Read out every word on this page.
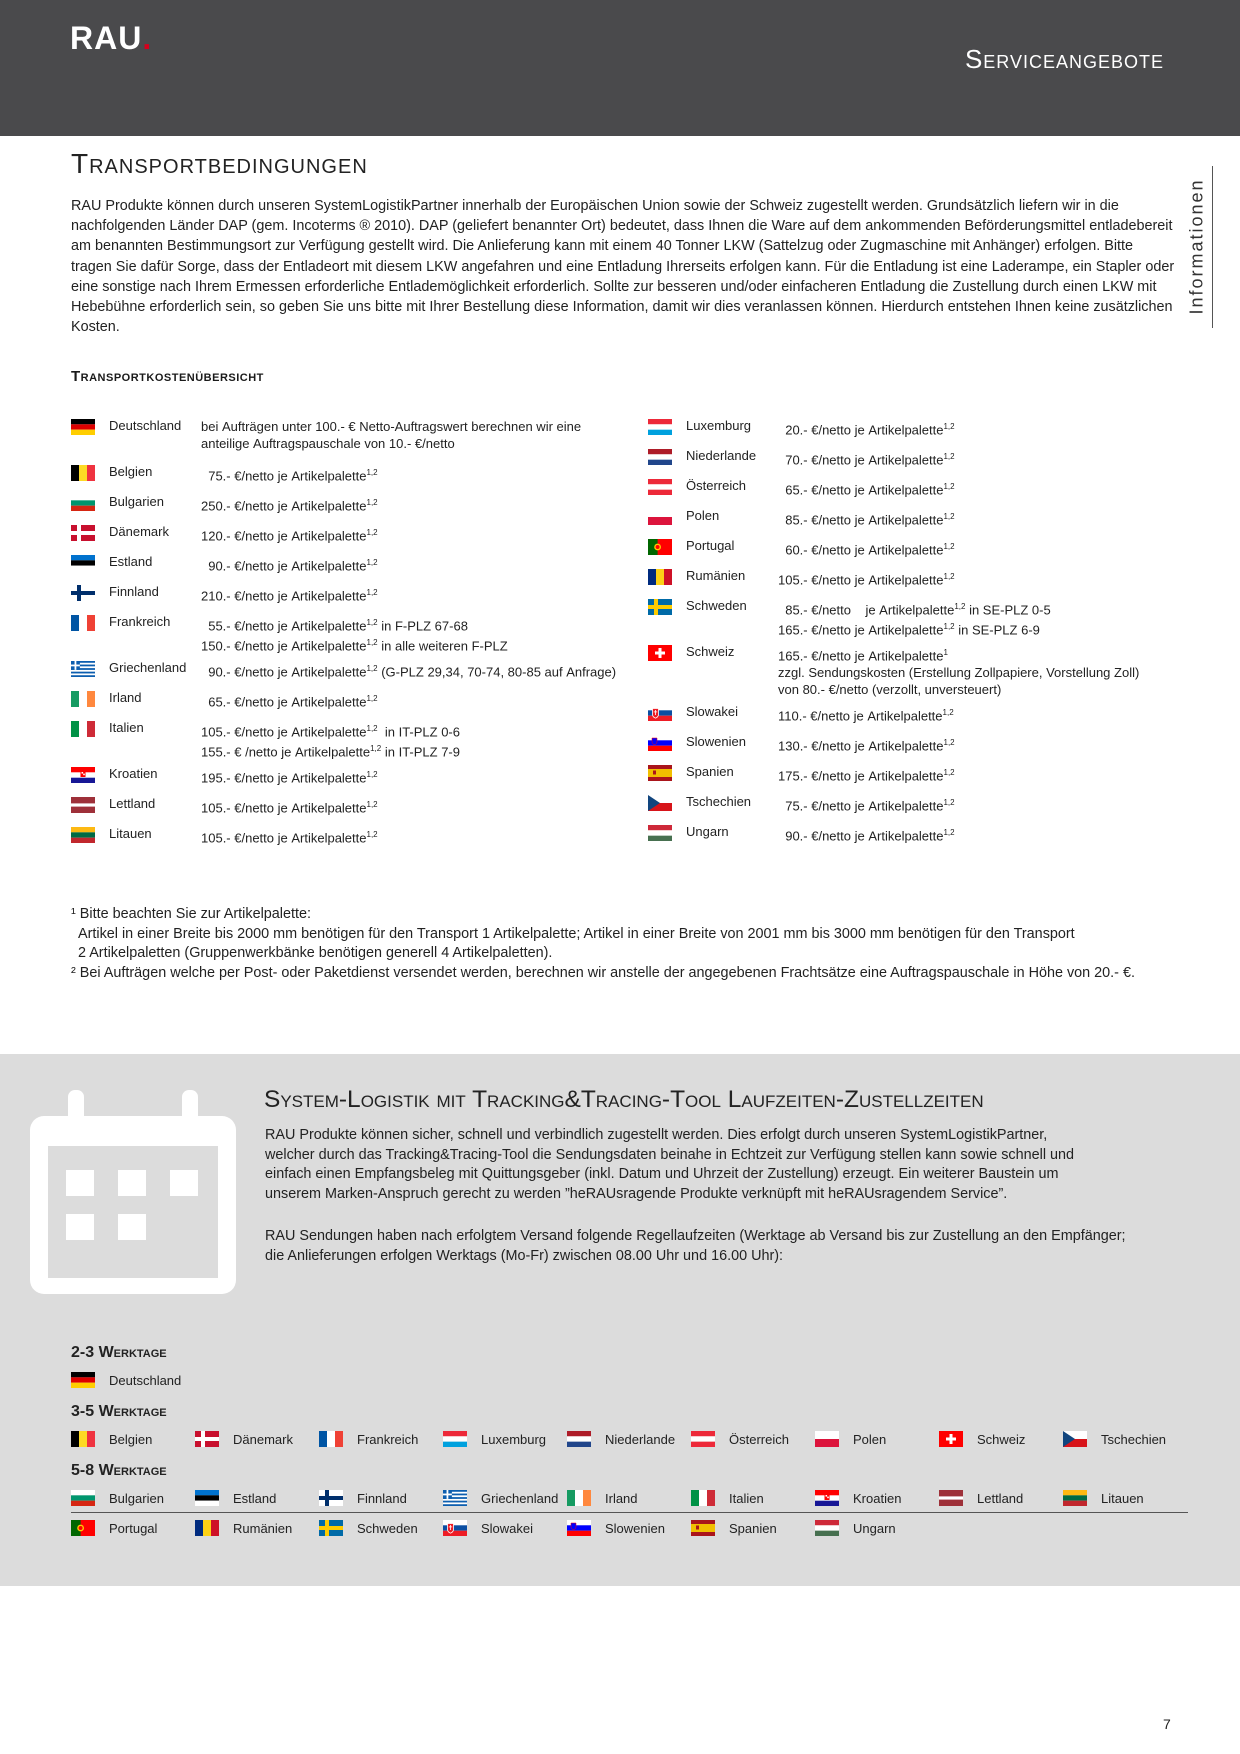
RAU.
Serviceangebote
Informationen
Transportbedingungen

RAU Produkte können durch unseren SystemLogistikPartner innerhalb der Europäischen Union sowie der Schweiz zugestellt werden. Grundsätzlich liefern wir in die nachfolgenden Länder DAP (gem. Incoterms ® 2010). DAP (geliefert benannter Ort) bedeutet, dass Ihnen die Ware auf dem ankommenden Beförderungsmittel entladebereit am benannten Bestimmungsort zur Verfügung gestellt wird. Die Anlieferung kann mit einem 40 Tonner LKW (Sattelzug oder Zugmaschine mit Anhänger) erfolgen. Bitte tragen Sie dafür Sorge, dass der Entladeort mit diesem LKW angefahren und eine Entladung Ihrerseits erfolgen kann. Für die Entladung ist eine Laderampe, ein Stapler oder eine sonstige nach Ihrem Ermessen erforderliche Entlademöglichkeit erforderlich. Sollte zur besseren und/oder einfacheren Entladung die Zustellung durch einen LKW mit Hebebühne erforderlich sein, so geben Sie uns bitte mit Ihrer Bestellung diese Information, damit wir dies veranlassen können. Hierdurch entstehen Ihnen keine zusätzlichen Kosten.

Transportkostenübersicht
Deutschland bei Aufträgen unter 100.- € Netto-Auftragswert berechnen wir eine
anteilige Auftragspauschale von 10.- €/netto
Belgien	75.- €/netto je Artikelpalette$^{1,2}$
Bulgarien	250.- €/netto je Artikelpalette$^{1,2}$
Dänemark 120.- €/netto je Artikelpalette$^{1,2}$
Estland	90.- €/netto je Artikelpalette$^{1,2}$
Finnland	210.- €/netto je Artikelpalette$^{1,2}$
Frankreich 55.- €/netto je Artikelpalette$^{1,2}$ in F-PLZ 67-68
150.- €/netto je Artikelpalette$^{1,2}$ in alle weiteren F-PLZ
Griechenland 90.- €/netto je Artikelpalette$^{1,2}$ (G-PLZ 29,34, 70-74, 80-85 auf Anfrage)
Irland	65.- €/netto je Artikelpalette$^{1,2}$
Italien	105.- €/netto je Artikelpalette$^{1,2}$  in IT-PLZ 0-6
155.- € /netto je Artikelpalette$^{1,2}$ in IT-PLZ 7-9
Kroatien	195.- €/netto je Artikelpalette$^{1,2}$
Lettland	105.- €/netto je Artikelpalette$^{1,2}$
Litauen	105.- €/netto je Artikelpalette$^{1,2}$
Luxemburg 20.- €/netto je Artikelpalette$^{1,2}$
Niederlande 70.- €/netto je Artikelpalette$^{1,2}$
Österreich 65.- €/netto je Artikelpalette$^{1,2}$
Polen	85.- €/netto je Artikelpalette$^{1,2}$
Portugal	60.- €/netto je Artikelpalette$^{1,2}$
Rumänien	105.- €/netto je Artikelpalette$^{1,2}$
Schweden 85.- €/netto    je Artikelpalette$^{1,2}$ in SE-PLZ 0-5
165.- €/netto je Artikelpalette$^{1,2}$ in SE-PLZ 6-9
Schweiz	165.- €/netto je Artikelpalette$^1$
zzgl. Sendungskosten (Erstellung Zollpapiere, Vorstellung Zoll)
von 80.- €/netto (verzollt, unversteuert)
Slowakei	110.- €/netto je Artikelpalette$^{1,2}$
Slowenien 130.- €/netto je Artikelpalette$^{1,2}$
Spanien	175.- €/netto je Artikelpalette$^{1,2}$
Tschechien 75.- €/netto je Artikelpalette$^{1,2}$
Ungarn	90.- €/netto je Artikelpalette$^{1,2}$

¹ Bitte beachten Sie zur Artikelpalette:

Artikel in einer Breite bis 2000 mm benötigen für den Transport 1 Artikelpalette; Artikel in einer Breite von 2001 mm bis 3000 mm benötigen für den Transport

2 Artikelpaletten (Gruppenwerkbänke benötigen generell 4 Artikelpaletten).

² Bei Aufträgen welche per Post- oder Paketdienst versendet werden, berechnen wir anstelle der angegebenen Frachtsätze eine Auftragspauschale in Höhe von 20.- €.

System-Logistik mit Tracking&Tracing-Tool Laufzeiten-Zustellzeiten
RAU Produkte können sicher, schnell und verbindlich zugestellt werden. Dies erfolgt durch unseren SystemLogistikPartner,
welcher durch das Tracking&Tracing-Tool die Sendungsdaten beinahe in Echtzeit zur Verfügung stellen kann sowie schnell und
einfach einen Empfangsbeleg mit Quittungsgeber (inkl. Datum und Uhrzeit der Zustellung) erzeugt. Ein weiterer Baustein um
unserem Marken-Anspruch gerecht zu werden ”heRAUsragende Produkte verknüpft mit heRAUsragendem Service”.
RAU Sendungen haben nach erfolgtem Versand folgende Regellaufzeiten (Werktage ab Versand bis zur Zustellung an den Empfänger;
die Anlieferungen erfolgen Werktags (Mo-Fr) zwischen 08.00 Uhr und 16.00 Uhr):
2-3 Werktage
Deutschland
3-5 Werktage
Belgien	Dänemark	Frankreich	Luxemburg	Niederlande	Österreich	Polen	Schweiz	Tschechien
5-8 Werktage
Bulgarien	Estland	Finnland	Griechenland	Irland	Italien	Kroatien	Lettland	Litauen
Portugal	Rumänien	Schweden	Slowakei	Slowenien	Spanien	Ungarn
7
